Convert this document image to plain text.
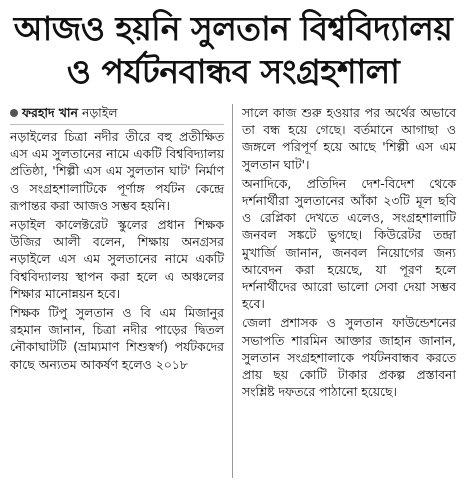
আজও হয়নি সুলতান বিশ্ববিদ্যালয়
ও পর্যটনবান্ধব সংগ্রহশালা
ফরহাদ খান নড়াইল

নড়াইলের চিত্রা নদীর তীরে বহু প্রতীক্ষিত এস এম সুলতানের নামে একটি বিশ্ববিদ্যালয় প্রতিষ্ঠা, 'শিল্পী এস এম সুলতান ঘাট' নির্মাণ ও সংগ্রহশালাটিকে পূর্ণাঙ্গ পর্যটন কেন্দ্রে রূপান্তর করা আজও সম্ভব হয়নি।

নড়াইল কালেক্টরেট স্কুলের প্রধান শিক্ষক উজির আলী বলেন, শিক্ষায় অনগ্রসর নড়াইলে এস এম সুলতানের নামে একটি বিশ্ববিদ্যালয় স্থাপন করা হলে এ অঞ্চলের শিক্ষার মানোন্নয়ন হবে।

শিক্ষক টিপু সুলতান ও বি এম মিজানুর রহমান জানান, চিত্রা নদীর পাড়ের দ্বিতল নৌকাঘাটটি (ভ্রাম্যমাণ শিশুস্বর্গ) পর্যটকদের কাছে অন্যতম আকর্ষণ হলেও ২০১৮

সালে কাজ শুরু হওয়ার পর অর্থের অভাবে তা বন্ধ হয়ে গেছে। বর্তমানে আগাছা ও জঙ্গলে পরিপূর্ণ হয়ে আছে 'শিল্পী এস এম সুলতান ঘাট'।

অনাদিকে, প্রতিদিন দেশ-বিদেশ থেকে দর্শনার্থীরা সুলতানের আঁকা ২৩টি মূল ছবি ও রেপ্লিকা দেখতে এলেও, সংগ্রহশালাটি জনবল সঙ্কটে ভুগছে। কিউরেটর তন্দ্রা মুখার্জি জানান, জনবল নিয়োগের জন্য আবেদন করা হয়েছে, যা পূরণ হলে দর্শনার্থীদের আরো ভালো সেবা দেয়া সম্ভব হবে।

জেলা প্রশাসক ও সুলতান ফাউন্ডেশনের সভাপতি শারমিন আক্তার জাহান জানান, সুলতান সংগ্রহশালাকে পর্যটনবান্ধব করতে প্রায় ছয় কোটি টাকার প্রকল্প প্রস্তাবনা সংশ্লিষ্ট দফতরে পাঠানো হয়েছে।
